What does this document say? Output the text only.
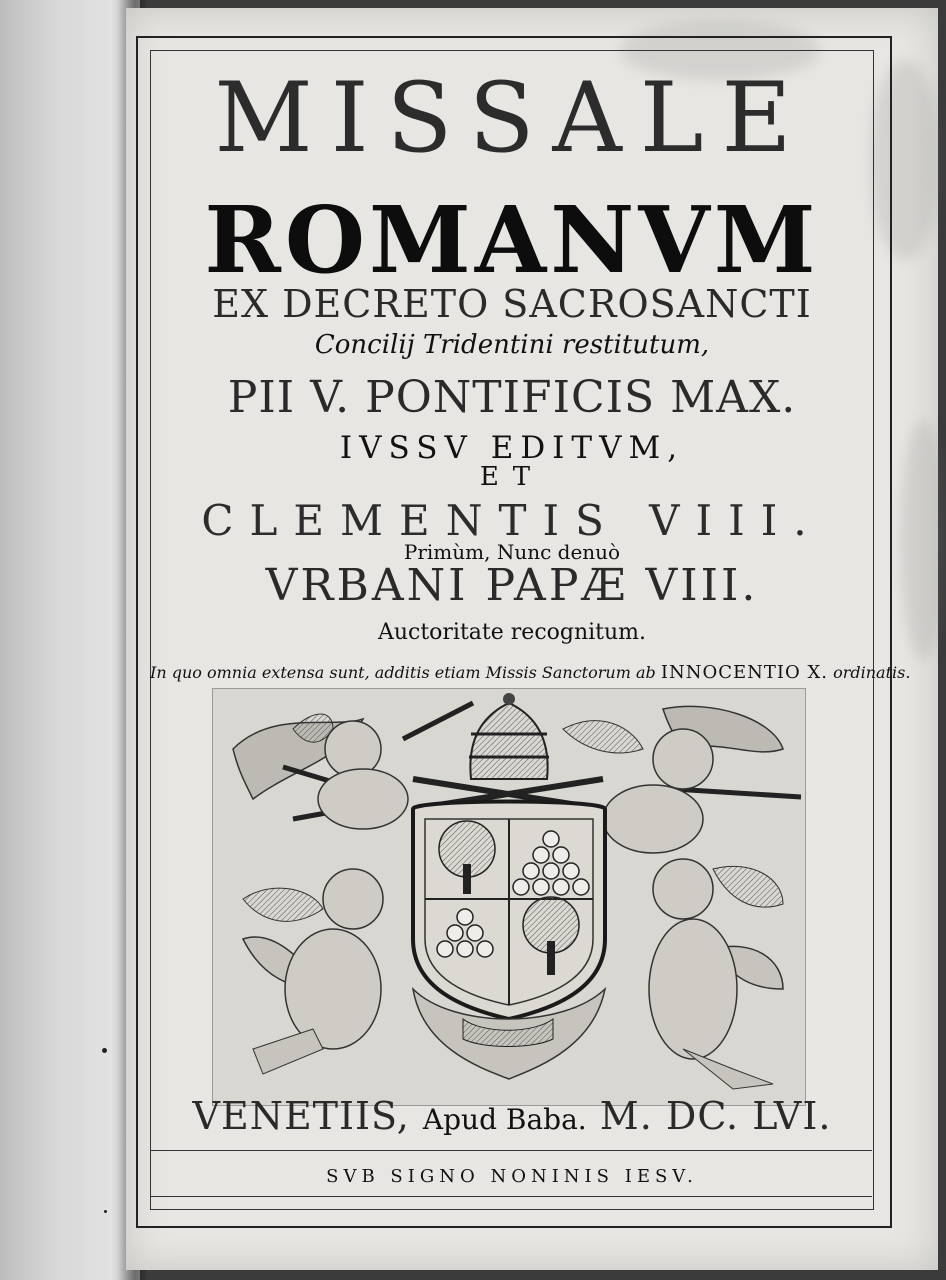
MISSALE
ROMANVM
EX DECRETO SACROSANCTI
Concilij Tridentini restitutum,
PII V. PONTIFICIS MAX.
IVSSV EDITVM,
ET
CLEMENTIS VIII.
Primùm, Nunc denuò
VRBANI PAPÆ VIII.
Auctoritate recognitum.
In quo omnia extensa sunt, additis etiam Missis Sanctorum ab INNOCENTIO X. ordinatis.
VENETIIS, Apud Baba. M. DC. LVI.
SVB SIGNO NONINIS IESV.
